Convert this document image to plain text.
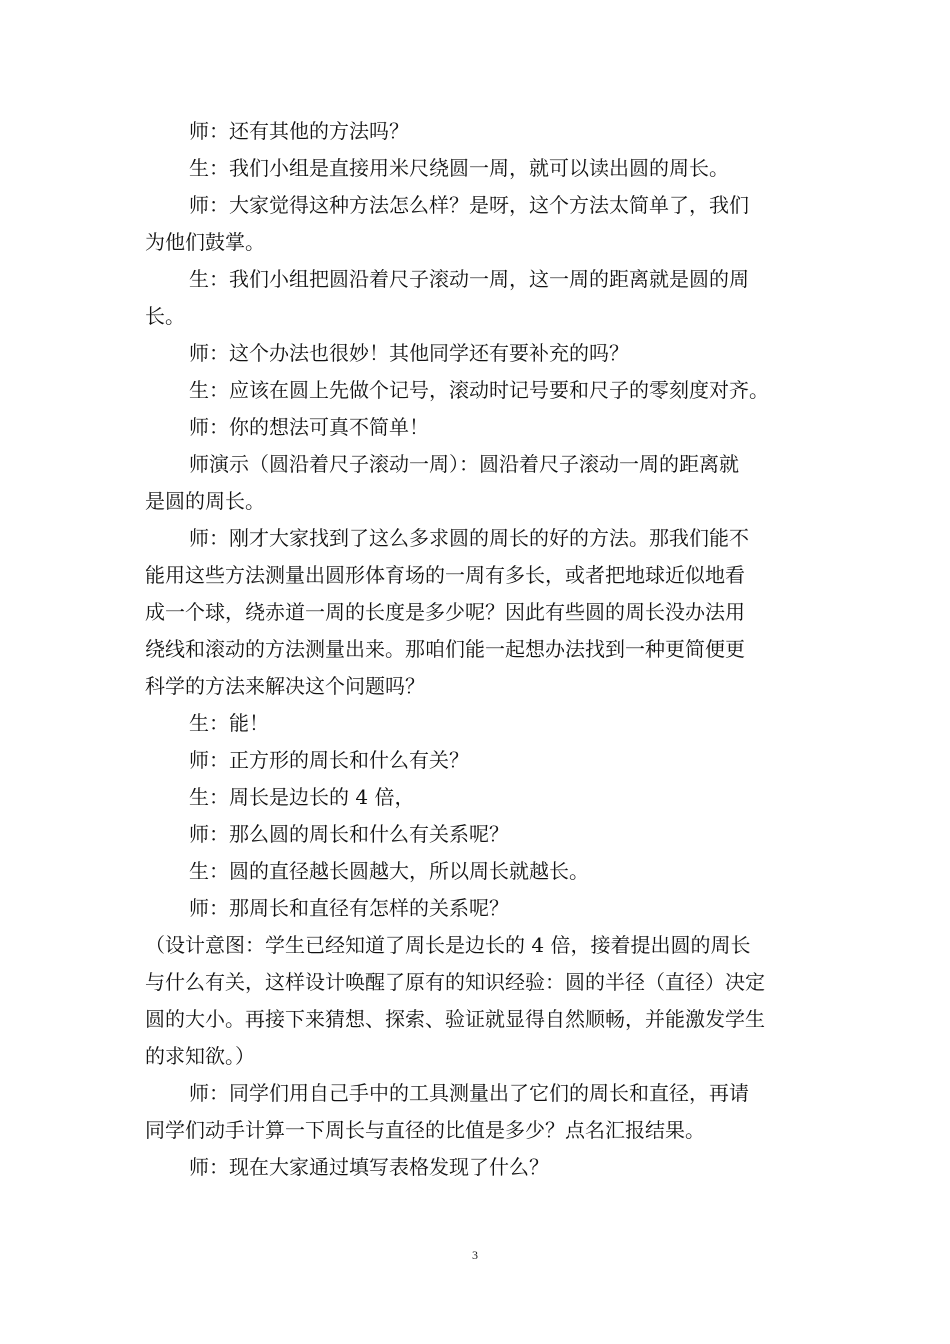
师：还有其他的方法吗？

生：我们小组是直接用米尺绕圆一周，就可以读出圆的周长。

师：大家觉得这种方法怎么样？是呀，这个方法太简单了，我们
为他们鼓掌。

生：我们小组把圆沿着尺子滚动一周，这一周的距离就是圆的周
长。

师：这个办法也很妙！其他同学还有要补充的吗？

生：应该在圆上先做个记号，滚动时记号要和尺子的零刻度对齐。

师：你的想法可真不简单！

师演示（圆沿着尺子滚动一周）：圆沿着尺子滚动一周的距离就
是圆的周长。

师：刚才大家找到了这么多求圆的周长的好的方法。那我们能不
能用这些方法测量出圆形体育场的一周有多长，或者把地球近似地看
成一个球，绕赤道一周的长度是多少呢？因此有些圆的周长没办法用
绕线和滚动的方法测量出来。那咱们能一起想办法找到一种更简便更
科学的方法来解决这个问题吗？

生：能！

师：正方形的周长和什么有关？

生：周长是边长的 4 倍，

师：那么圆的周长和什么有关系呢？

生：圆的直径越长圆越大，所以周长就越长。

师：那周长和直径有怎样的关系呢？

（设计意图：学生已经知道了周长是边长的 4 倍，接着提出圆的周长
与什么有关，这样设计唤醒了原有的知识经验：圆的半径（直径）决定
圆的大小。再接下来猜想、探索、验证就显得自然顺畅，并能激发学生
的求知欲。）

师：同学们用自己手中的工具测量出了它们的周长和直径，再请
同学们动手计算一下周长与直径的比值是多少？点名汇报结果。

师：现在大家通过填写表格发现了什么？

3
